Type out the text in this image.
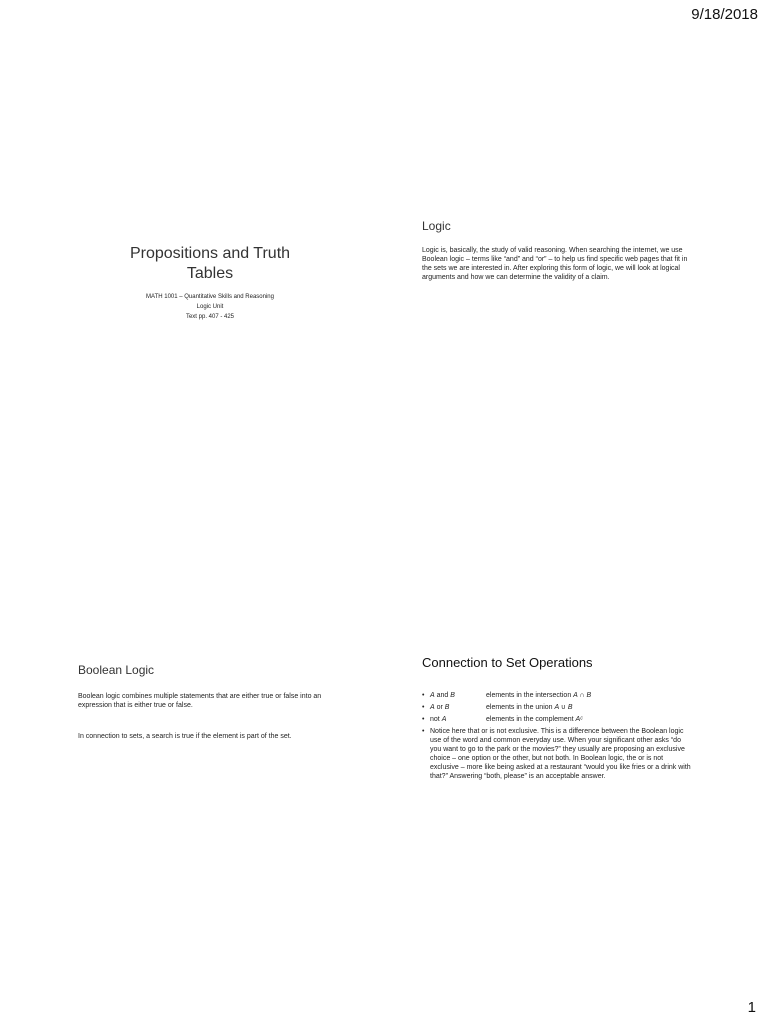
9/18/2018
Propositions and Truth Tables

MATH 1001 – Quantitative Skills and Reasoning

Logic Unit

Text pp. 407 - 425

Logic

Logic is, basically, the study of valid reasoning. When searching the internet, we use Boolean logic – terms like “and” and “or” – to help us find specific web pages that fit in the sets we are interested in. After exploring this form of logic, we will look at logical arguments and how we can determine the validity of a claim.

Boolean Logic

Boolean logic combines multiple statements that are either true or false into an expression that is either true or false.

In connection to sets, a search is true if the element is part of the set.

Connection to Set Operations
• A and B	elements in the intersection A ∩ B
• A or B	elements in the union A ∪ B
• not A	elements in the complement Aᶜ
• Notice here that or is not exclusive. This is a difference between the Boolean logic use of the word and common everyday use. When your significant other asks “do you want to go to the park or the movies?” they usually are proposing an exclusive choice – one option or the other, but not both. In Boolean logic, the or is not exclusive – more like being asked at a restaurant “would you like fries or a drink with that?” Answering “both, please” is an acceptable answer.
1
